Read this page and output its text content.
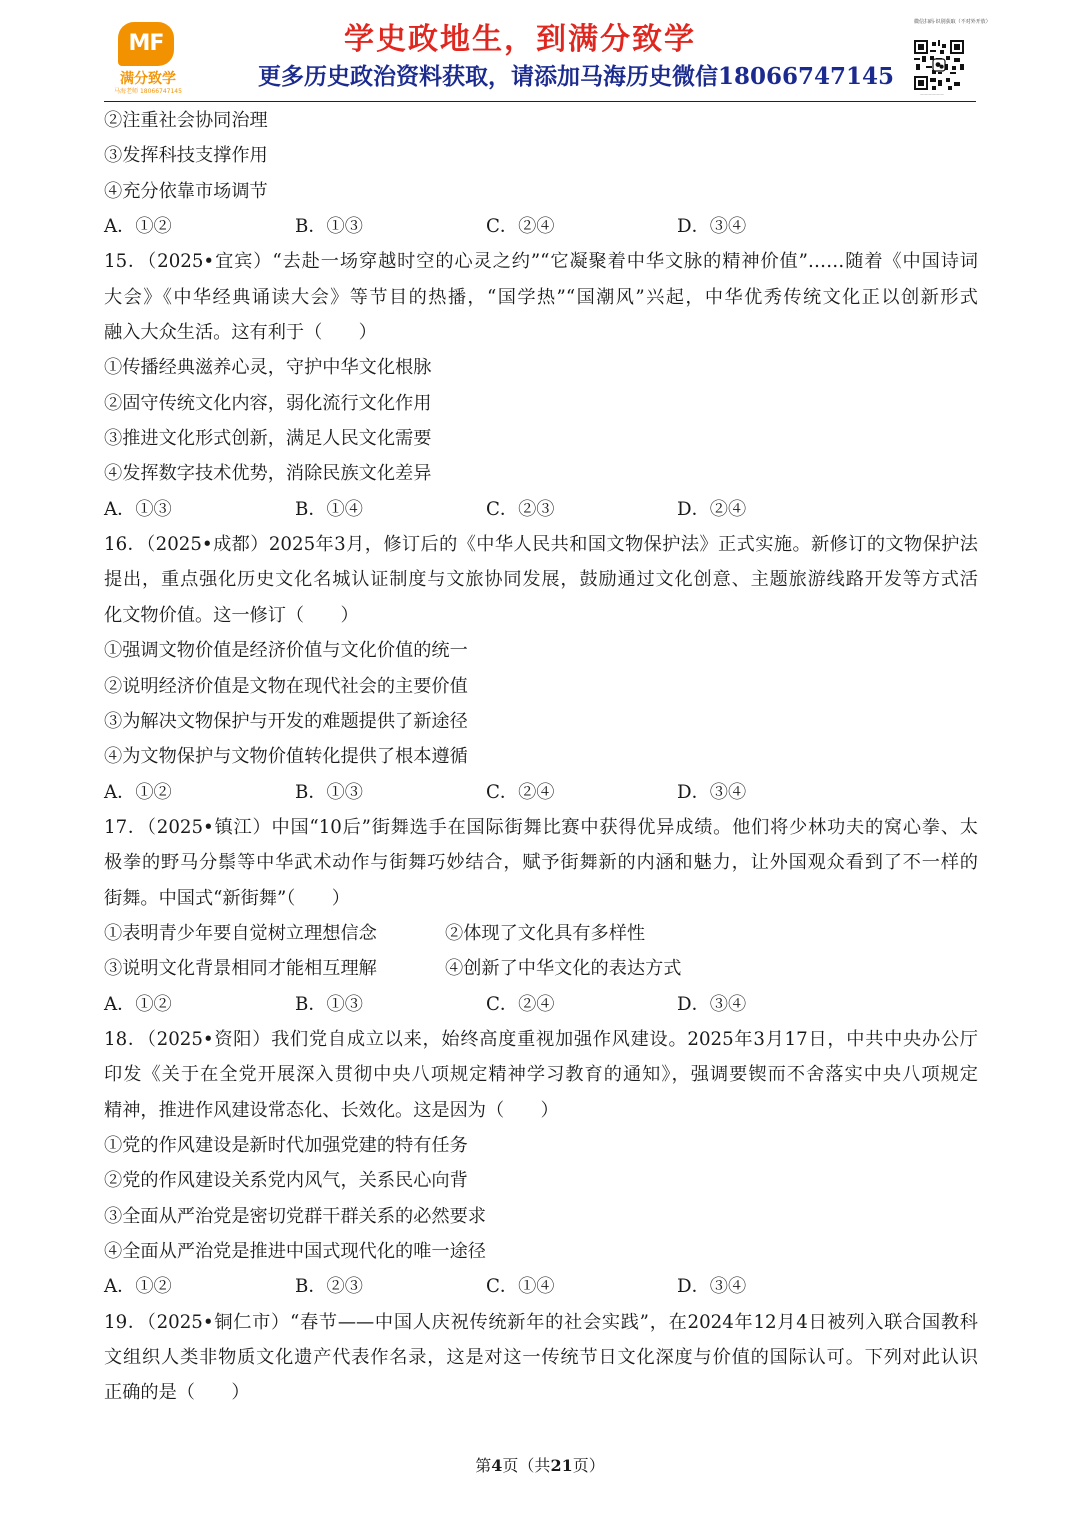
MF
满分致学
马海老师 18066747145
学史政地生，到满分致学
更多历史政治资料获取，请添加马海历史微信18066747145
微信扫码·识别获取（不对外开放）
——————
②注重社会协同治理
③发挥科技支撑作用
④充分依靠市场调节
A．①②	B．①③	C．②④	D．③④
15．（2025•宜宾）“去赴一场穿越时空的心灵之约”“它凝聚着中华文脉的精神价值”……随着《中国诗词
大会》《中华经典诵读大会》等节目的热播，“国学热”“国潮风”兴起，中华优秀传统文化正以创新形式
融入大众生活。这有利于（　　）
①传播经典滋养心灵，守护中华文化根脉
②固守传统文化内容，弱化流行文化作用
③推进文化形式创新，满足人民文化需要
④发挥数字技术优势，消除民族文化差异
A．①③	B．①④	C．②③	D．②④
16．（2025•成都）2025年3月，修订后的《中华人民共和国文物保护法》正式实施。新修订的文物保护法
提出，重点强化历史文化名城认证制度与文旅协同发展，鼓励通过文化创意、主题旅游线路开发等方式活
化文物价值。这一修订（　　）
①强调文物价值是经济价值与文化价值的统一
②说明经济价值是文物在现代社会的主要价值
③为解决文物保护与开发的难题提供了新途径
④为文物保护与文物价值转化提供了根本遵循
A．①②	B．①③	C．②④	D．③④
17．（2025•镇江）中国“10后”街舞选手在国际街舞比赛中获得优异成绩。他们将少林功夫的窝心拳、太
极拳的野马分鬃等中华武术动作与街舞巧妙结合，赋予街舞新的内涵和魅力，让外国观众看到了不一样的
街舞。中国式“新街舞”（　　）
①表明青少年要自觉树立理想信念	②体现了文化具有多样性
③说明文化背景相同才能相互理解	④创新了中华文化的表达方式
A．①②	B．①③	C．②④	D．③④
18．（2025•资阳）我们党自成立以来，始终高度重视加强作风建设。2025年3月17日，中共中央办公厅
印发《关于在全党开展深入贯彻中央八项规定精神学习教育的通知》，强调要锲而不舍落实中央八项规定
精神，推进作风建设常态化、长效化。这是因为（　　）
①党的作风建设是新时代加强党建的特有任务
②党的作风建设关系党内风气，关系民心向背
③全面从严治党是密切党群干群关系的必然要求
④全面从严治党是推进中国式现代化的唯一途径
A．①②	B．②③	C．①④	D．③④
19．（2025•铜仁市）“春节——中国人庆祝传统新年的社会实践”，在2024年12月4日被列入联合国教科
文组织人类非物质文化遗产代表作名录，这是对这一传统节日文化深度与价值的国际认可。下列对此认识
正确的是（　　）
第4页（共21页）
